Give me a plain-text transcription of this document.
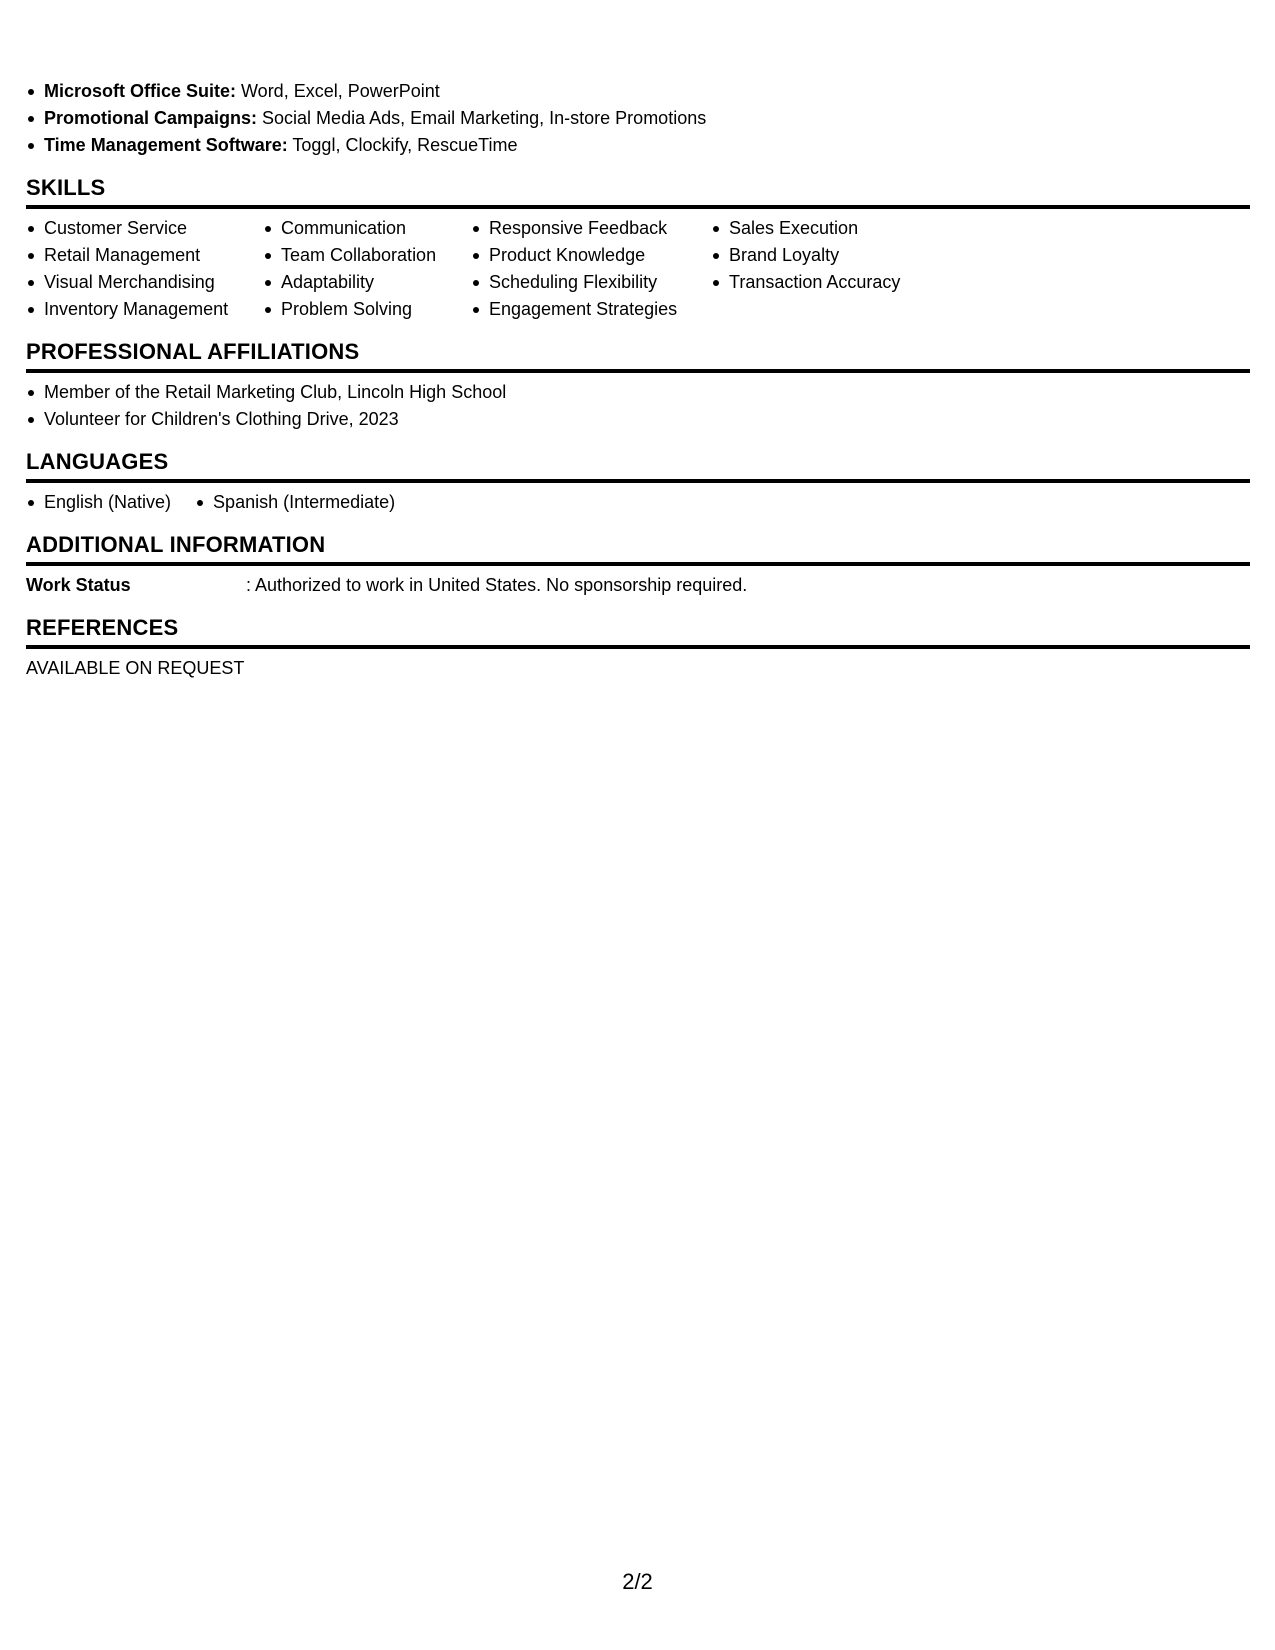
Microsoft Office Suite: Word, Excel, PowerPoint
Promotional Campaigns: Social Media Ads, Email Marketing, In-store Promotions
Time Management Software: Toggl, Clockify, RescueTime
SKILLS
Customer Service
Retail Management
Visual Merchandising
Inventory Management
Communication
Team Collaboration
Adaptability
Problem Solving
Responsive Feedback
Product Knowledge
Scheduling Flexibility
Engagement Strategies
Sales Execution
Brand Loyalty
Transaction Accuracy
PROFESSIONAL AFFILIATIONS
Member of the Retail Marketing Club, Lincoln High School
Volunteer for Children's Clothing Drive, 2023
LANGUAGES
English (Native)	Spanish (Intermediate)
ADDITIONAL INFORMATION
Work Status	: Authorized to work in United States. No sponsorship required.
REFERENCES
AVAILABLE ON REQUEST
2/2
